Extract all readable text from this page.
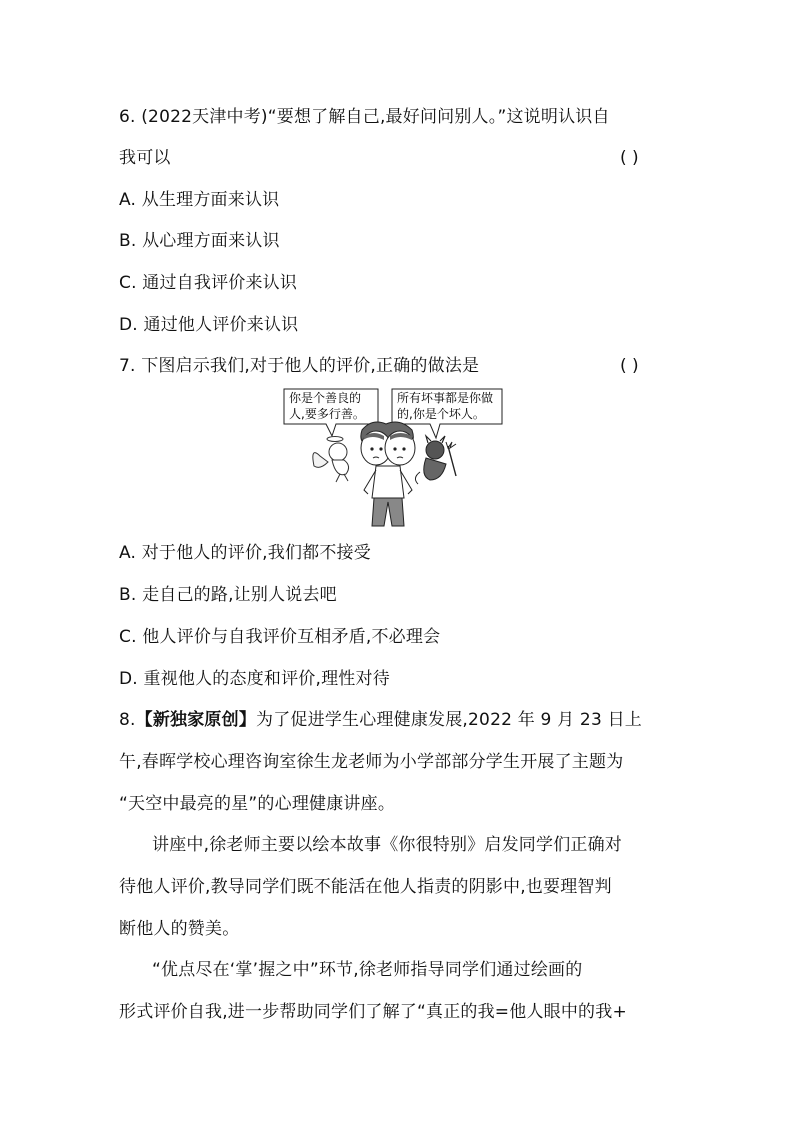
6. (2022天津中考)“要想了解自己,最好问问别人。”这说明认识自
我可以	( )
A. 从生理方面来认识
B. 从心理方面来认识
C. 通过自我评价来认识
D. 通过他人评价来认识
7. 下图启示我们,对于他人的评价,正确的做法是	( )
你是个善良的
人,要多行善。
所有坏事都是你做
的,你是个坏人。
A. 对于他人的评价,我们都不接受
B. 走自己的路,让别人说去吧
C. 他人评价与自我评价互相矛盾,不必理会
D. 重视他人的态度和评价,理性对待
8.【新独家原创】为了促进学生心理健康发展,2022 年 9 月 23 日上
午,春晖学校心理咨询室徐生龙老师为小学部部分学生开展了主题为
“天空中最亮的星”的心理健康讲座。
讲座中,徐老师主要以绘本故事《你很特别》启发同学们正确对
待他人评价,教导同学们既不能活在他人指责的阴影中,也要理智判
断他人的赞美。
“优点尽在‘掌’握之中”环节,徐老师指导同学们通过绘画的
形式评价自我,进一步帮助同学们了解了“真正的我=他人眼中的我+
